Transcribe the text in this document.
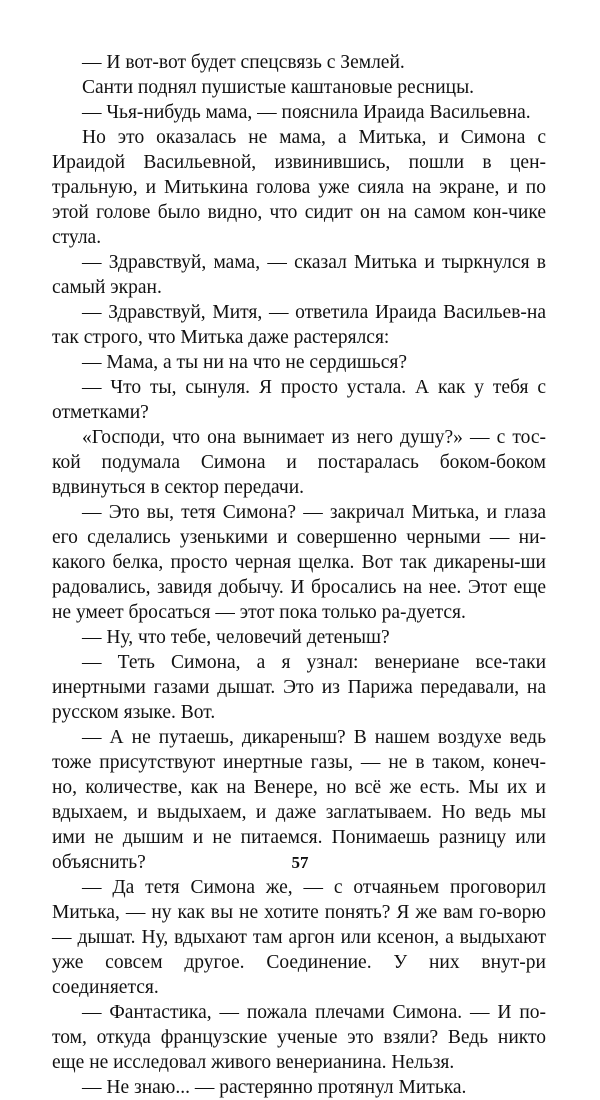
— И вот-вот будет спецсвязь с Землей.

Санти поднял пушистые каштановые ресницы.

— Чья-нибудь мама, — пояснила Ираида Васильевна.

Но это оказалась не мама, а Митька, и Симона с Ираидой Васильевной, извинившись, пошли в цен-тральную, и Митькина голова уже сияла на экране, и по этой голове было видно, что сидит он на самом кон-чике стула.

— Здравствуй, мама, — сказал Митька и тыркнулся в самый экран.

— Здравствуй, Митя, — ответила Ираида Васильев-на так строго, что Митька даже растерялся:

— Мама, а ты ни на что не сердишься?

— Что ты, сынуля. Я просто устала. А как у тебя с отметками?

«Господи, что она вынимает из него душу?» — с тос-кой подумала Симона и постаралась боком-боком вдвинуться в сектор передачи.

— Это вы, тетя Симона? — закричал Митька, и глаза его сделались узенькими и совершенно черными — ни-какого белка, просто черная щелка. Вот так дикарены-ши радовались, завидя добычу. И бросались на нее. Этот еще не умеет бросаться — этот пока только ра-дуется.

— Ну, что тебе, человечий детеныш?

— Теть Симона, а я узнал: венериане все-таки инертными газами дышат. Это из Парижа передавали, на русском языке. Вот.

— А не путаешь, дикареныш? В нашем воздухе ведь тоже присутствуют инертные газы, — не в таком, конеч-но, количестве, как на Венере, но всё же есть. Мы их и вдыхаем, и выдыхаем, и даже заглатываем. Но ведь мы ими не дышим и не питаемся. Понимаешь разницу или объяснить?

— Да тетя Симона же, — с отчаяньем проговорил Митька, — ну как вы не хотите понять? Я же вам го-ворю — дышат. Ну, вдыхают там аргон или ксенон, а выдыхают уже совсем другое. Соединение. У них внут-ри соединяется.

— Фантастика, — пожала плечами Симона. — И по-том, откуда французские ученые это взяли? Ведь никто еще не исследовал живого венерианина. Нельзя.

— Не знаю... — растерянно протянул Митька.

57
